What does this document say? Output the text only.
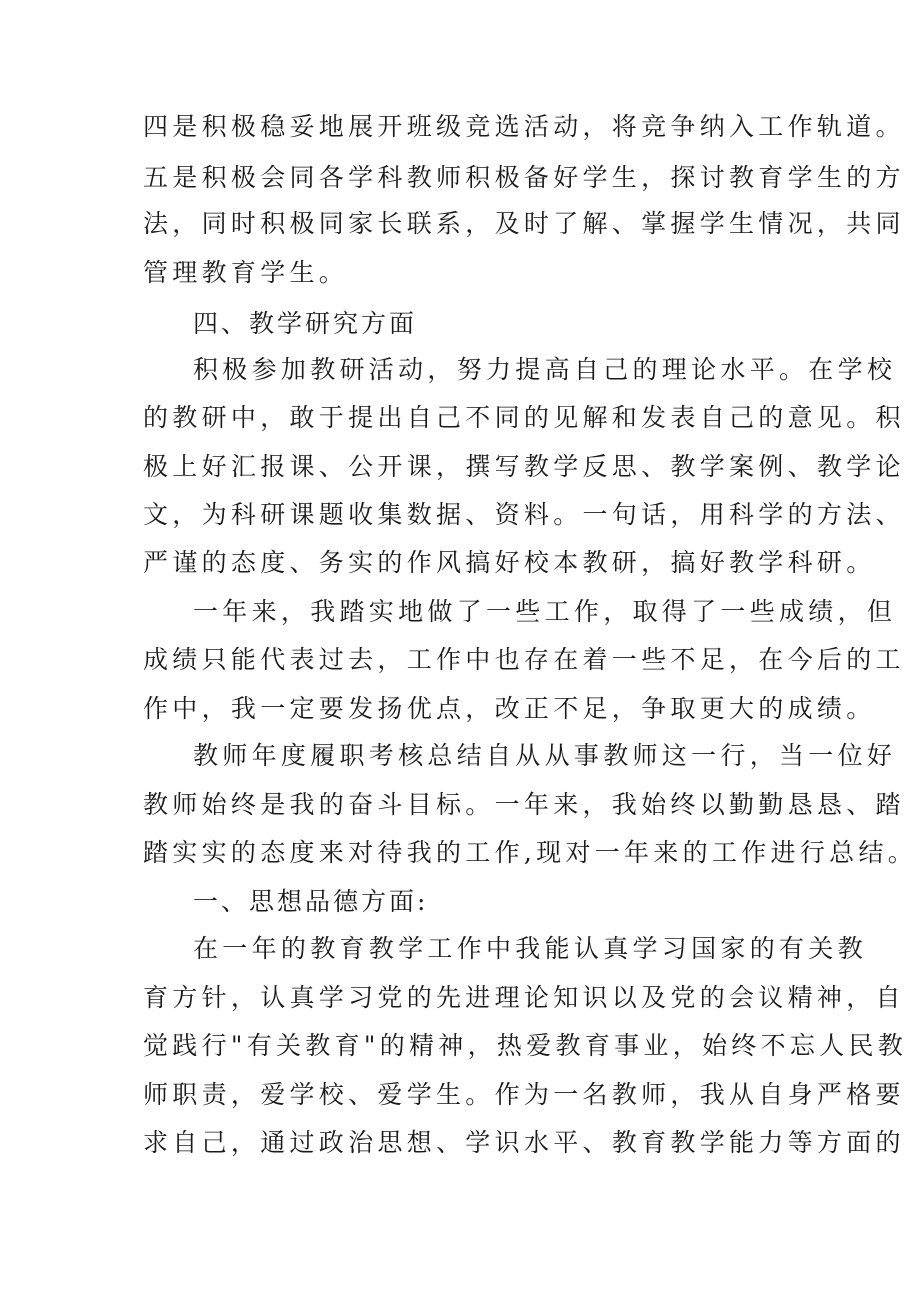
四是积极稳妥地展开班级竞选活动，将竞争纳入工作轨道。
五是积极会同各学科教师积极备好学生，探讨教育学生的方
法，同时积极同家长联系，及时了解、掌握学生情况，共同
管理教育学生。
四、教学研究方面
积极参加教研活动，努力提高自己的理论水平。在学校
的教研中，敢于提出自己不同的见解和发表自己的意见。积
极上好汇报课、公开课，撰写教学反思、教学案例、教学论
文，为科研课题收集数据、资料。一句话，用科学的方法、
严谨的态度、务实的作风搞好校本教研，搞好教学科研。
一年来，我踏实地做了一些工作，取得了一些成绩，但
成绩只能代表过去，工作中也存在着一些不足，在今后的工
作中，我一定要发扬优点，改正不足，争取更大的成绩。
教师年度履职考核总结自从从事教师这一行，当一位好
教师始终是我的奋斗目标。一年来，我始终以勤勤恳恳、踏
踏实实的态度来对待我的工作,现对一年来的工作进行总结。
一、思想品德方面:
在一年的教育教学工作中我能认真学习国家的有关教
育方针，认真学习党的先进理论知识以及党的会议精神，自
觉践行"有关教育"的精神，热爱教育事业，始终不忘人民教
师职责，爱学校、爱学生。作为一名教师，我从自身严格要
求自己，通过政治思想、学识水平、教育教学能力等方面的
